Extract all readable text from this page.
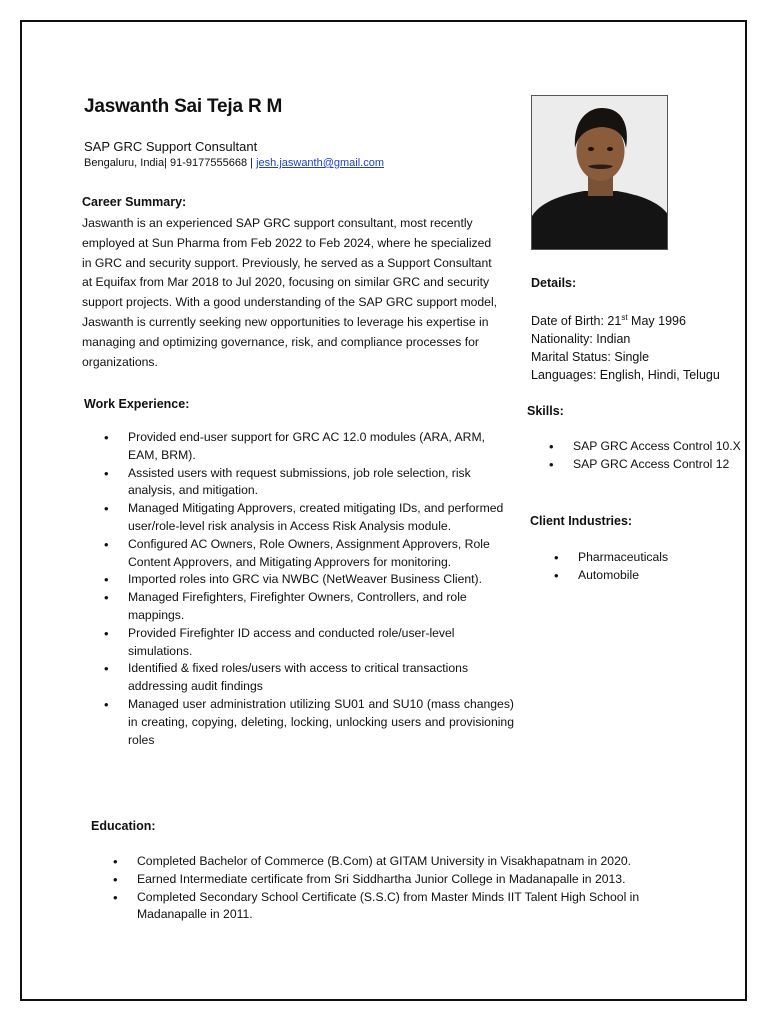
Jaswanth Sai Teja R M
SAP GRC Support Consultant
Bengaluru, India| 91-9177555668 | jesh.jaswanth@gmail.com
Career Summary:
Jaswanth is an experienced SAP GRC support consultant, most recently employed at Sun Pharma from Feb 2022 to Feb 2024, where he specialized in GRC and security support. Previously, he served as a Support Consultant at Equifax from Mar 2018 to Jul 2020, focusing on similar GRC and security support projects. With a good understanding of the SAP GRC support model, Jaswanth is currently seeking new opportunities to leverage his expertise in managing and optimizing governance, risk, and compliance processes for organizations.
Work Experience:
• Provided end-user support for GRC AC 12.0 modules (ARA, ARM, EAM, BRM).
• Assisted users with request submissions, job role selection, risk analysis, and mitigation.
• Managed Mitigating Approvers, created mitigating IDs, and performed user/role-level risk analysis in Access Risk Analysis module.
• Configured AC Owners, Role Owners, Assignment Approvers, Role Content Approvers, and Mitigating Approvers for monitoring.
• Imported roles into GRC via NWBC (NetWeaver Business Client).
• Managed Firefighters, Firefighter Owners, Controllers, and role mappings.
• Provided Firefighter ID access and conducted role/user-level simulations.
• Identified & fixed roles/users with access to critical transactions addressing audit findings
• Managed user administration utilizing SU01 and SU10 (mass changes) in creating, copying, deleting, locking, unlocking users and provisioning roles
Details:
Date of Birth: 21st May 1996
Nationality: Indian
Marital Status: Single
Languages: English, Hindi, Telugu
Skills:
• SAP GRC Access Control 10.X
• SAP GRC Access Control 12
Client Industries:
• Pharmaceuticals
• Automobile
Education:
• Completed Bachelor of Commerce (B.Com) at GITAM University in Visakhapatnam in 2020.
• Earned Intermediate certificate from Sri Siddhartha Junior College in Madanapalle in 2013.
• Completed Secondary School Certificate (S.S.C) from Master Minds IIT Talent High School in Madanapalle in 2011.
